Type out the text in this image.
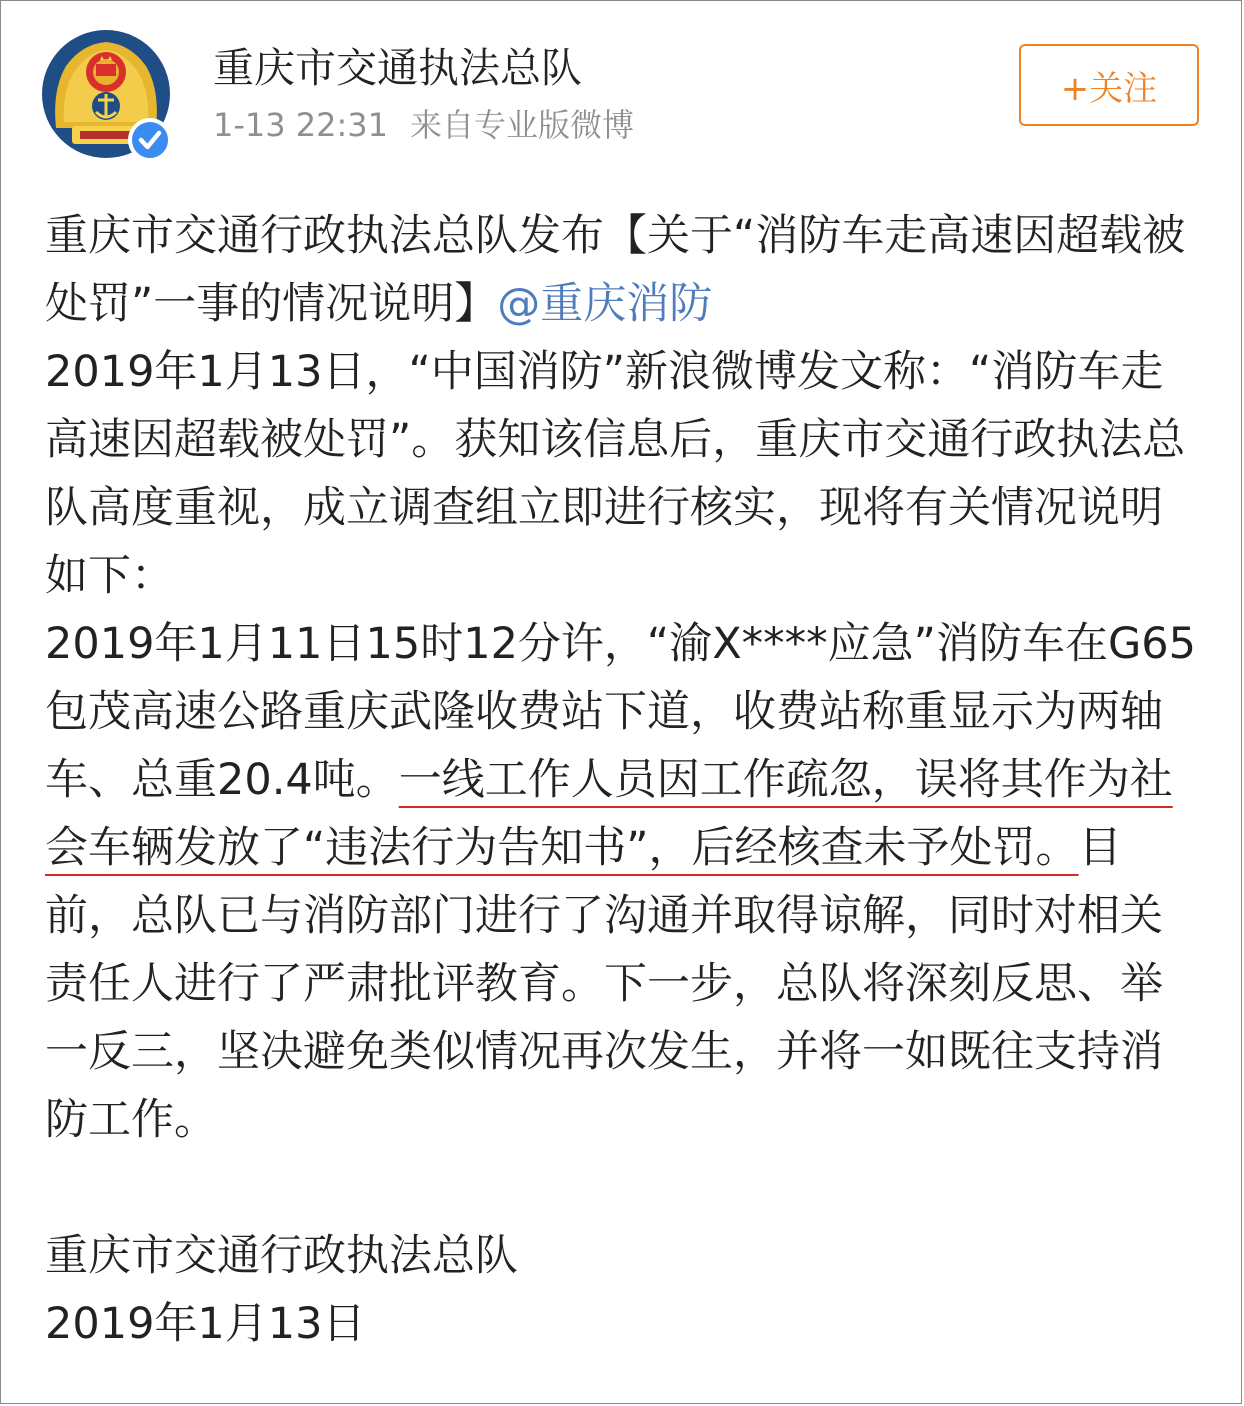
重庆市交通执法总队
1-13 22:31 来自专业版微博
+关注

重庆市交通行政执法总队发布【关于“消防车走高速因超载被处罚”一事的情况说明】@重庆消防

2019年1月13日，“中国消防”新浪微博发文称：“消防车走高速因超载被处罚”。获知该信息后，重庆市交通行政执法总队高度重视，成立调查组立即进行核实，现将有关情况说明如下：

2019年1月11日15时12分许，“渝X****应急”消防车在G65包茂高速公路重庆武隆收费站下道，收费站称重显示为两轴车、总重20.4吨。一线工作人员因工作疏忽，误将其作为社会车辆发放了“违法行为告知书”，后经核查未予处罚。目前，总队已与消防部门进行了沟通并取得谅解，同时对相关责任人进行了严肃批评教育。下一步，总队将深刻反思、举一反三，坚决避免类似情况再次发生，并将一如既往支持消防工作。

重庆市交通行政执法总队

2019年1月13日
